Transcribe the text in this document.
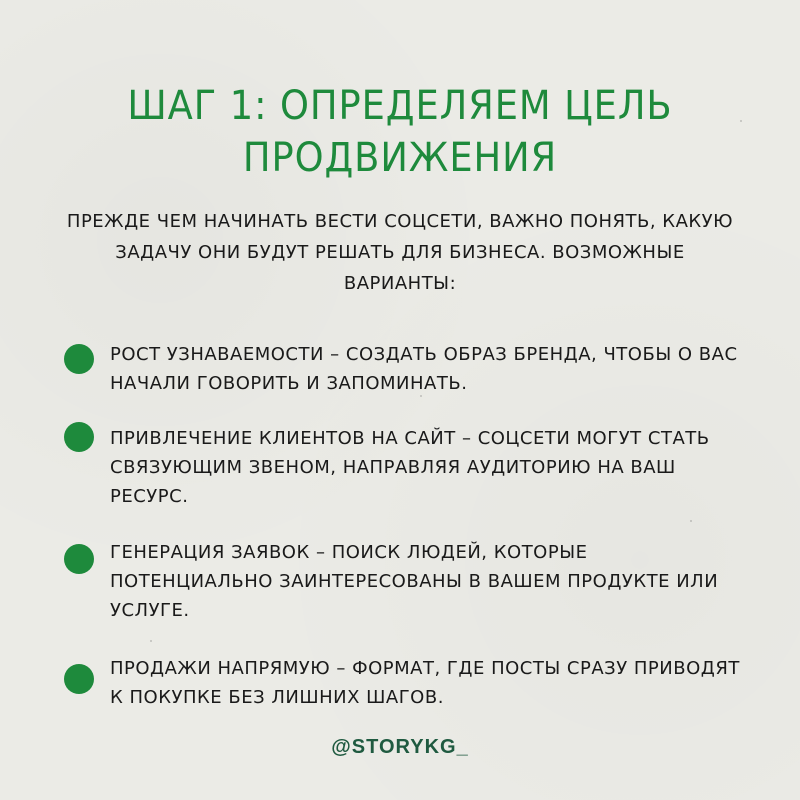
ШАГ 1: ОПРЕДЕЛЯЕМ ЦЕЛЬ
ПРОДВИЖЕНИЯ
ПРЕЖДЕ ЧЕМ НАЧИНАТЬ ВЕСТИ СОЦСЕТИ, ВАЖНО ПОНЯТЬ, КАКУЮ ЗАДАЧУ ОНИ БУДУТ РЕШАТЬ ДЛЯ БИЗНЕСА. ВОЗМОЖНЫЕ ВАРИАНТЫ:
РОСТ УЗНАВАЕМОСТИ – СОЗДАТЬ ОБРАЗ БРЕНДА, ЧТОБЫ О ВАС НАЧАЛИ ГОВОРИТЬ И ЗАПОМИНАТЬ.
ПРИВЛЕЧЕНИЕ КЛИЕНТОВ НА САЙТ – СОЦСЕТИ МОГУТ СТАТЬ СВЯЗУЮЩИМ ЗВЕНОМ, НАПРАВЛЯЯ АУДИТОРИЮ НА ВАШ РЕСУРС.
ГЕНЕРАЦИЯ ЗАЯВОК – ПОИСК ЛЮДЕЙ, КОТОРЫЕ ПОТЕНЦИАЛЬНО ЗАИНТЕРЕСОВАНЫ В ВАШЕМ ПРОДУКТЕ ИЛИ УСЛУГЕ.
ПРОДАЖИ НАПРЯМУЮ – ФОРМАТ, ГДЕ ПОСТЫ СРАЗУ ПРИВОДЯТ К ПОКУПКЕ БЕЗ ЛИШНИХ ШАГОВ.
@STORYKG_
